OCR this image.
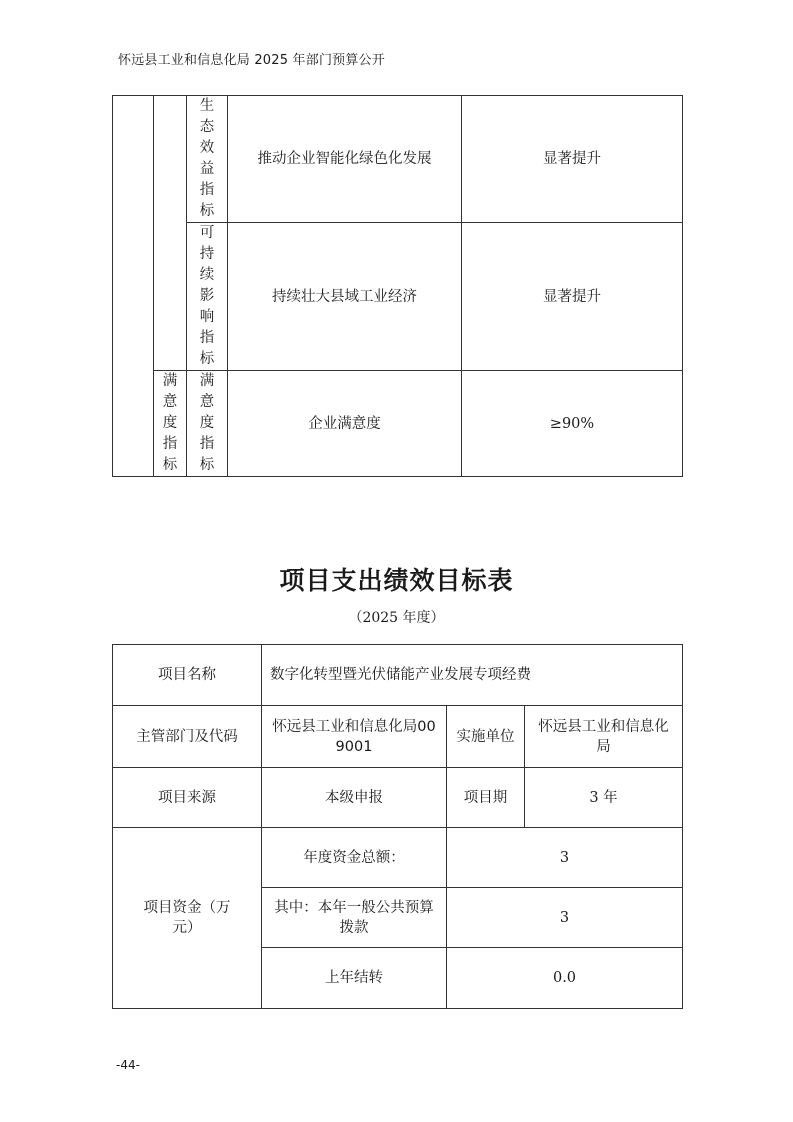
怀远县工业和信息化局 2025 年部门预算公开

		生态效益指标	推动企业智能化绿色化发展	显著提升

		可持续影响指标	持续壮大县域工业经济	显著提升

	满意度指标	满意度指标	企业满意度	≥90%
项目支出绩效目标表
（2025 年度）
项目名称	数字化转型暨光伏储能产业发展专项经费		
主管部门及代码	怀远县工业和信息化局009001	实施单位	怀远县工业和信息化局

项目来源	本级申报	项目期	3 年

项目资金（万元）	年度资金总额：	3	

	其中：本年一般公共预算拨款	3	
	上年结转	0.0	
-44-
